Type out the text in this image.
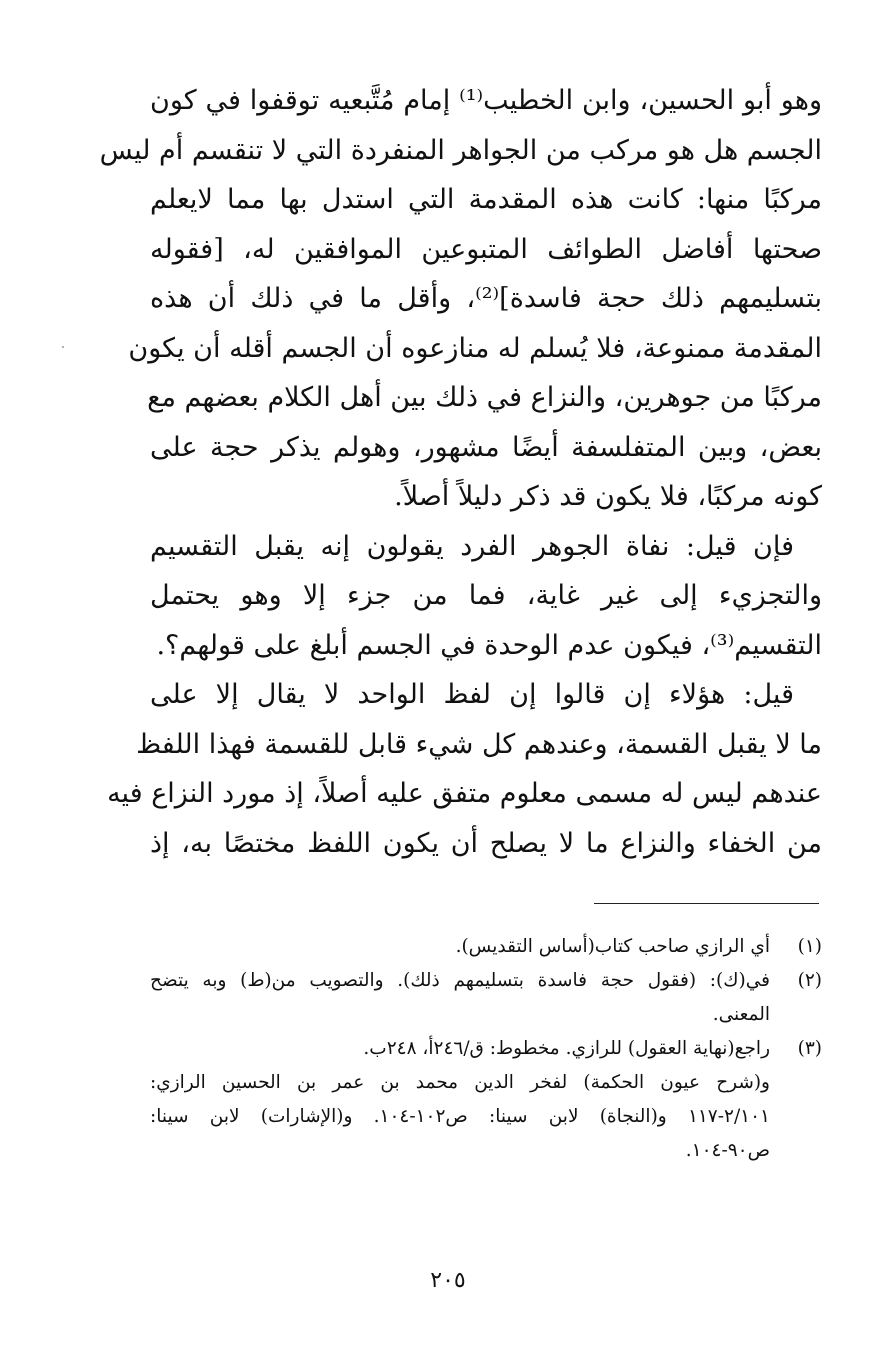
وهو أبو الحسين، وابن الخطيب⁽¹⁾ إمام مُتَّبعيه توقفوا في كون
الجسم هل هو مركب من الجواهر المنفردة التي لا تنقسم أم ليس
مركبًا منها: كانت هذه المقدمة التي استدل بها مما لايعلم
صحتها أفاضل الطوائف المتبوعين الموافقين له، [فقوله
بتسليمهم ذلك حجة فاسدة]⁽²⁾، وأقل ما في ذلك أن هذه
المقدمة ممنوعة، فلا يُسلم له منازعوه أن الجسم أقله أن يكون
مركبًا من جوهرين، والنزاع في ذلك بين أهل الكلام بعضهم مع
بعض، وبين المتفلسفة أيضًا مشهور، وهولم يذكر حجة على
كونه مركبًا، فلا يكون قد ذكر دليلاً أصلاً.
فإن قيل: نفاة الجوهر الفرد يقولون إنه يقبل التقسيم
والتجزيء إلى غير غاية، فما من جزء إلا وهو يحتمل
التقسيم⁽³⁾، فيكون عدم الوحدة في الجسم أبلغ على قولهم؟.
قيل: هؤلاء إن قالوا إن لفظ الواحد لا يقال إلا على
ما لا يقبل القسمة، وعندهم كل شيء قابل للقسمة فهذا اللفظ
عندهم ليس له مسمى معلوم متفق عليه أصلاً، إذ مورد النزاع فيه
من الخفاء والنزاع ما لا يصلح أن يكون اللفظ مختصًا به، إذ
(١)
أي الرازي صاحب كتاب(أساس التقديس).
(٢)
في(ك): (فقول حجة فاسدة بتسليمهم ذلك). والتصويب من(ط) وبه يتضح
المعنى.
(٣)
راجع(نهاية العقول) للرازي. مخطوط: ق/٢٤٦أ، ٢٤٨ب.
و(شرح عيون الحكمة) لفخر الدين محمد بن عمر بن الحسين الرازي:
٢/١٠١-١١٧ و(النجاة) لابن سينا: ص١٠٢-١٠٤. و(الإشارات) لابن سينا:
ص٩٠-١٠٤.
٢٠٥
